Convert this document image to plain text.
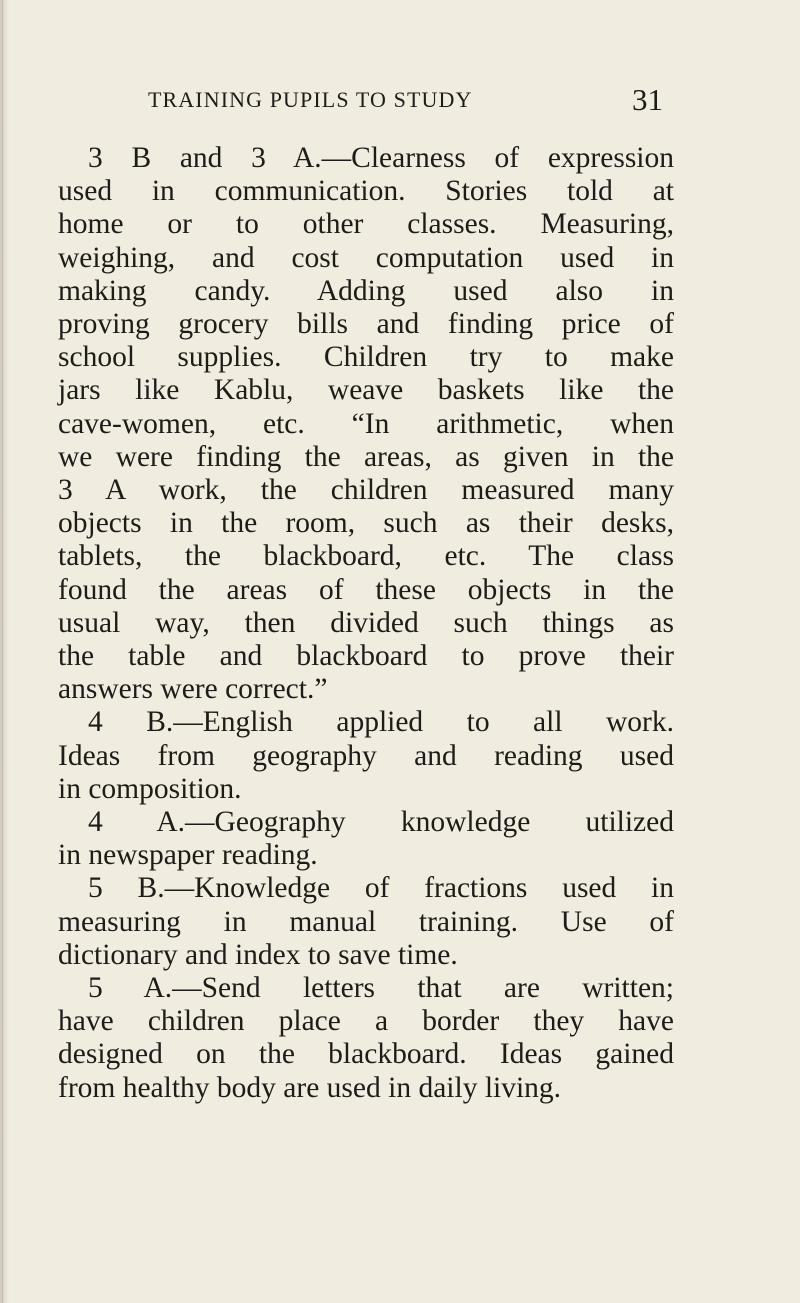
TRAINING PUPILS TO STUDY	31
3 B and 3 A.—Clearness of expression
used in communication. Stories told at
home or to other classes. Measuring,
weighing, and cost computation used in
making candy. Adding used also in
proving grocery bills and finding price of
school supplies. Children try to make
jars like Kablu, weave baskets like the
cave-women, etc. “In arithmetic, when
we were finding the areas, as given in the
3 A work, the children measured many
objects in the room, such as their desks,
tablets, the blackboard, etc. The class
found the areas of these objects in the
usual way, then divided such things as
the table and blackboard to prove their
answers were correct.”
4 B.—English applied to all work.
Ideas from geography and reading used
in composition.
4 A.—Geography knowledge utilized
in newspaper reading.
5 B.—Knowledge of fractions used in
measuring in manual training. Use of
dictionary and index to save time.
5 A.—Send letters that are written;
have children place a border they have
designed on the blackboard. Ideas gained
from healthy body are used in daily living.
